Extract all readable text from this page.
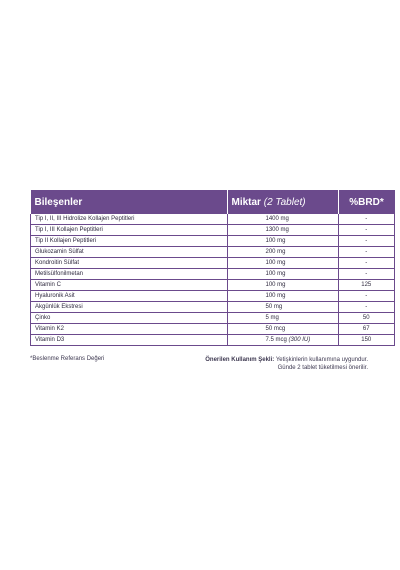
Bileşenler	Miktar (2 Tablet)	%BRD*
Tip I, II, III Hidrolize Kollajen Peptitleri	1400 mg	-
Tip I, III Kollajen Peptitleri	1300 mg	-
Tip II Kollajen Peptitleri	100 mg	-
Glukozamin Sülfat	200 mg	-
Kondroitin Sülfat	100 mg	-
Metilsülfonilmetan	100 mg	-
Vitamin C	100 mg	125
Hyaluronik Asit	100 mg	-
Akgünlük Ekstresi	50 mg	-
Çinko	5 mg	50
Vitamin K2	50 mcg	67
Vitamin D3	7.5 mcg (300 IU)	150
*Beslenme Referans Değeri	Önerilen Kullanım Şekli: Yetişkinlerin kullanımına uygundur.
Günde 2 tablet tüketilmesi önerilir.
